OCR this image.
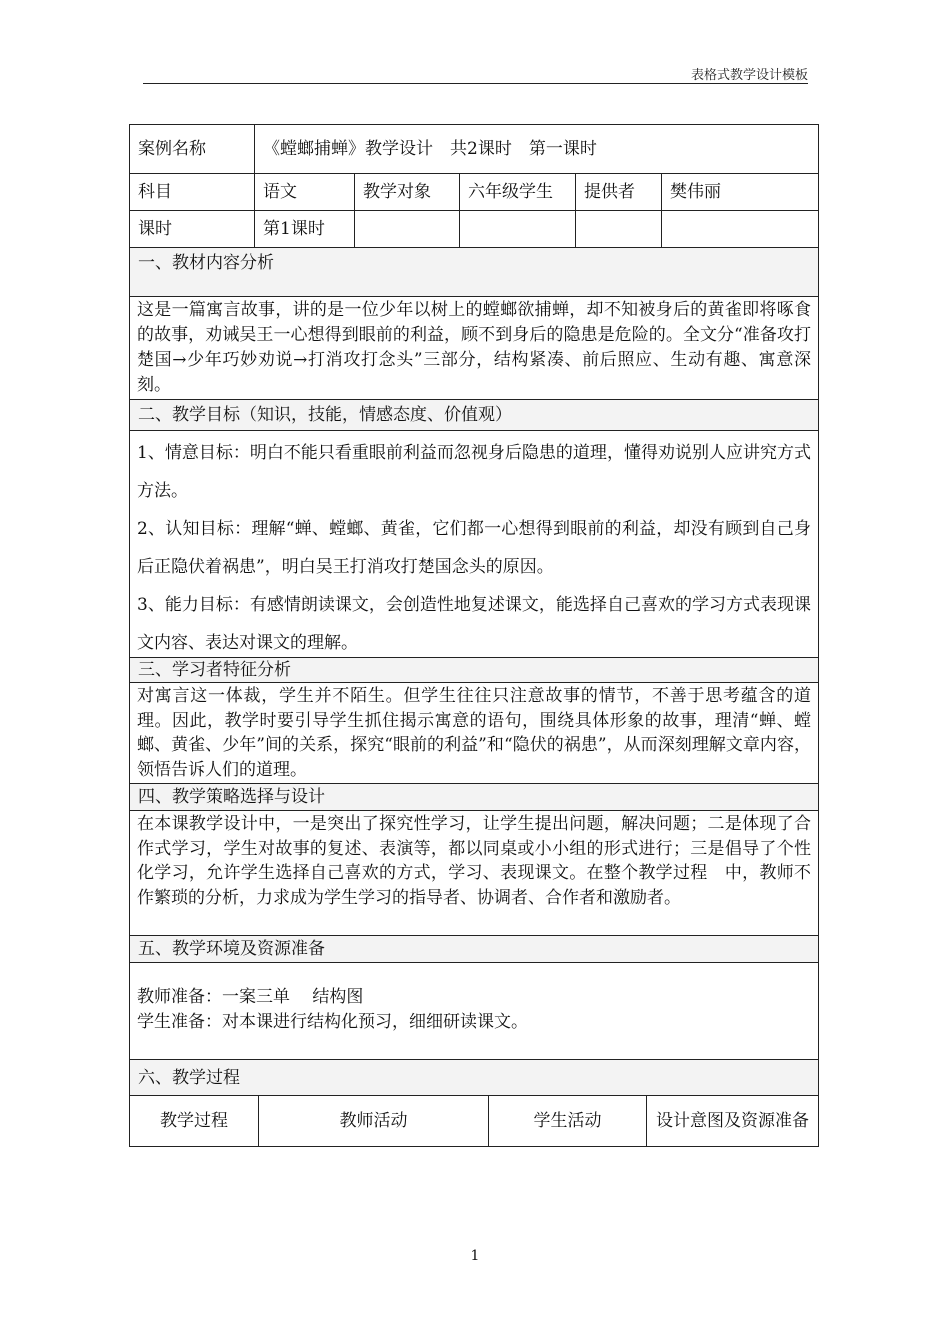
表格式教学设计模板
案例名称	《螳螂捕蝉》教学设计　共2课时　第一课时
科目	语文	教学对象	六年级学生	提供者	樊伟丽
课时	第1课时
一、教材内容分析
这是一篇寓言故事，讲的是一位少年以树上的螳螂欲捕蝉，却不知被身后的黄雀即将啄食的故事，劝诫吴王一心想得到眼前的利益，顾不到身后的隐患是危险的。全文分“准备攻打楚国→少年巧妙劝说→打消攻打念头”三部分，结构紧凑、前后照应、生动有趣、寓意深刻。
二、教学目标（知识，技能，情感态度、价值观）
1、情意目标：明白不能只看重眼前利益而忽视身后隐患的道理，懂得劝说别人应讲究方式方法。
2、认知目标：理解“蝉、螳螂、黄雀，它们都一心想得到眼前的利益，却没有顾到自己身后正隐伏着祸患”，明白吴王打消攻打楚国念头的原因。
3、能力目标：有感情朗读课文，会创造性地复述课文，能选择自己喜欢的学习方式表现课文内容、表达对课文的理解。
三、学习者特征分析
对寓言这一体裁，学生并不陌生。但学生往往只注意故事的情节，不善于思考蕴含的道理。因此，教学时要引导学生抓住揭示寓意的语句，围绕具体形象的故事，理清“蝉、螳螂、黄雀、少年”间的关系，探究“眼前的利益”和“隐伏的祸患”，从而深刻理解文章内容，领悟告诉人们的道理。
四、教学策略选择与设计
在本课教学设计中，一是突出了探究性学习，让学生提出问题，解决问题；二是体现了合作式学习，学生对故事的复述、表演等，都以同桌或小小组的形式进行；三是倡导了个性化学习，允许学生选择自己喜欢的方式，学习、表现课文。在整个教学过程　中，教师不作繁琐的分析，力求成为学生学习的指导者、协调者、合作者和激励者。
五、教学环境及资源准备
教师准备：一案三单　 结构图
学生准备：对本课进行结构化预习，细细研读课文。
六、教学过程
教学过程	教师活动	学生活动	设计意图及资源准备
1
